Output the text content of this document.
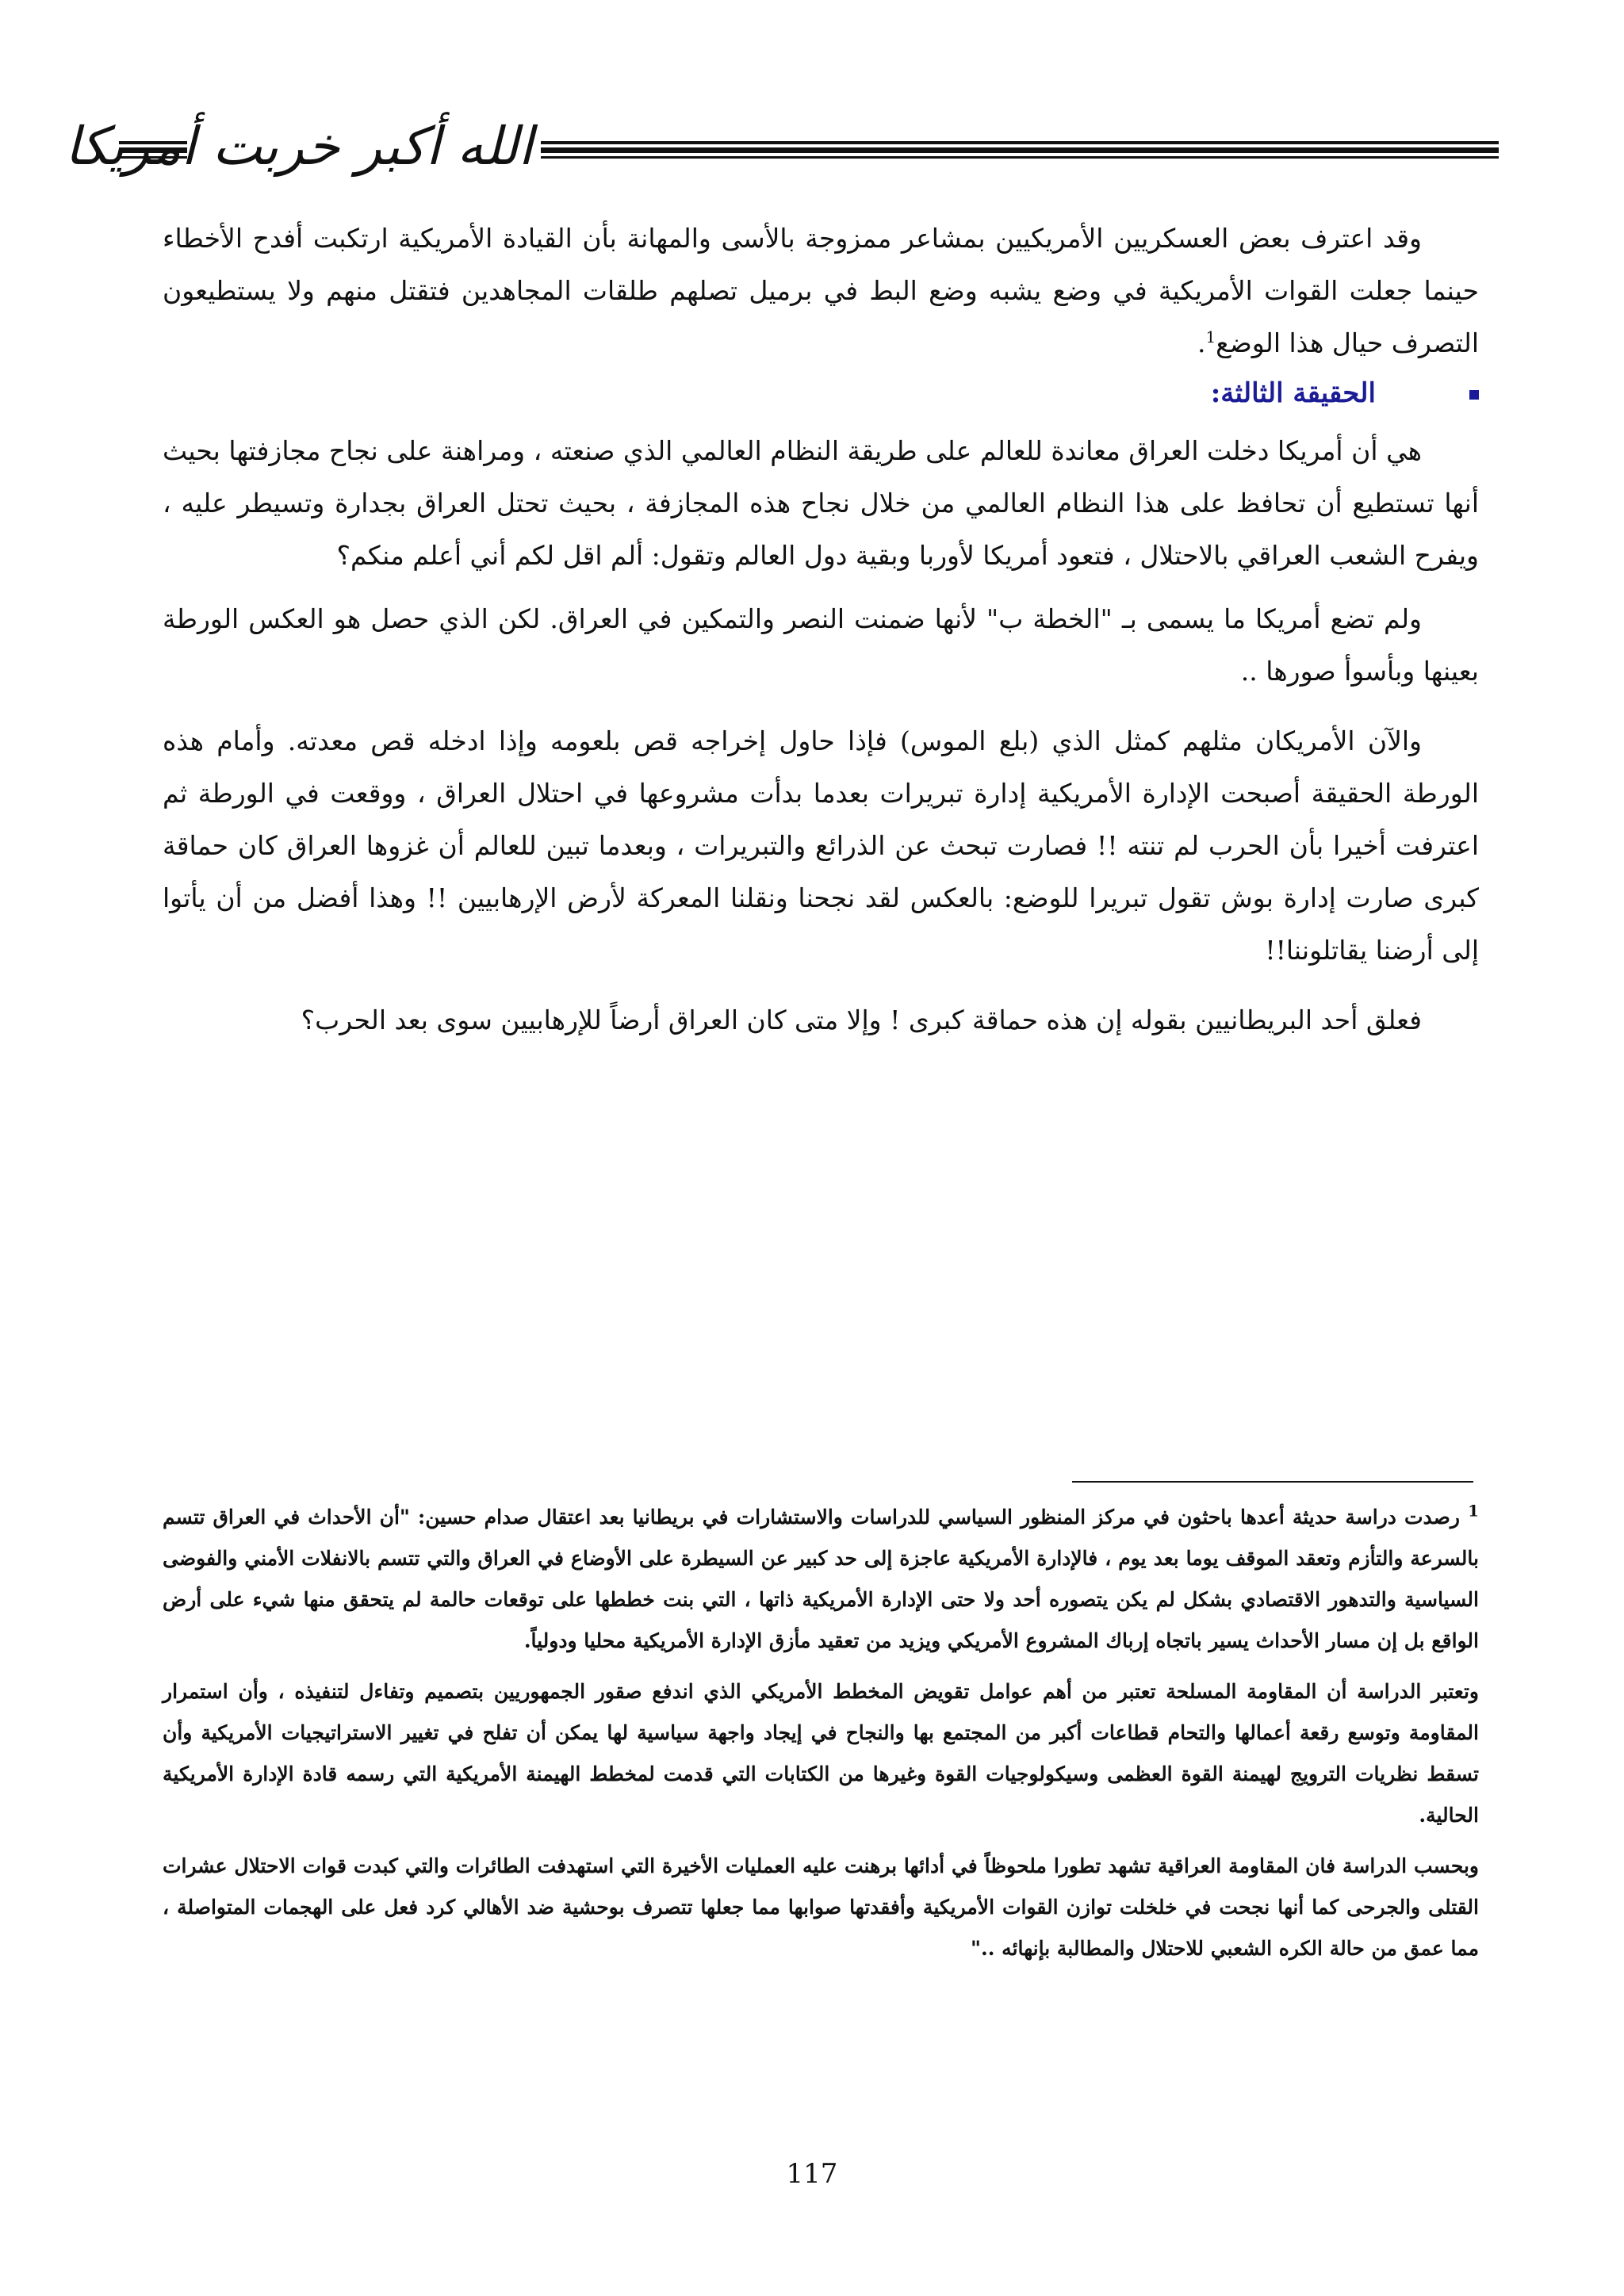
الله أكبر خربت أمريكا

وقد اعترف بعض العسكريين الأمريكيين بمشاعر ممزوجة بالأسى والمهانة بأن القيادة الأمريكية ارتكبت أفدح الأخطاء حينما جعلت القوات الأمريكية في وضع يشبه وضع البط في برميل تصلهم طلقات المجاهدين فتقتل منهم ولا يستطيعون التصرف حيال هذا الوضع$^1$.

الحقيقة الثالثة:

هي أن أمريكا دخلت العراق معاندة للعالم على طريقة النظام العالمي الذي صنعته ، ومراهنة على نجاح مجازفتها بحيث أنها تستطيع أن تحافظ على هذا النظام العالمي من خلال نجاح هذه المجازفة ، بحيث تحتل العراق بجدارة وتسيطر عليه ، ويفرح الشعب العراقي بالاحتلال ، فتعود أمريكا لأوربا وبقية دول العالم وتقول: ألم اقل لكم أني أعلم منكم؟

ولم تضع أمريكا ما يسمى بـ "الخطة ب" لأنها ضمنت النصر والتمكين في العراق. لكن الذي حصل هو العكس الورطة بعينها وبأسوأ صورها ..

والآن الأمريكان مثلهم كمثل الذي (بلع الموس) فإذا حاول إخراجه قص بلعومه وإذا ادخله قص معدته. وأمام هذه الورطة الحقيقة أصبحت الإدارة الأمريكية إدارة تبريرات بعدما بدأت مشروعها في احتلال العراق ، ووقعت في الورطة ثم اعترفت أخيرا بأن الحرب لم تنته !! فصارت تبحث عن الذرائع والتبريرات ، وبعدما تبين للعالم أن غزوها العراق كان حماقة كبرى صارت إدارة بوش تقول تبريرا للوضع: بالعكس لقد نجحنا ونقلنا المعركة لأرض الإرهابيين !! وهذا أفضل من أن يأتوا إلى أرضنا يقاتلوننا!!

فعلق أحد البريطانيين بقوله إن هذه حماقة كبرى ! وإلا متى كان العراق أرضاً للإرهابيين سوى بعد الحرب؟

$^1$ رصدت دراسة حديثة أعدها باحثون في مركز المنظور السياسي للدراسات والاستشارات في بريطانيا بعد اعتقال صدام حسين: "أن الأحداث في العراق تتسم بالسرعة والتأزم وتعقد الموقف يوما بعد يوم ، فالإدارة الأمريكية عاجزة إلى حد كبير عن السيطرة على الأوضاع في العراق والتي تتسم بالانفلات الأمني والفوضى السياسية والتدهور الاقتصادي بشكل لم يكن يتصوره أحد ولا حتى الإدارة الأمريكية ذاتها ، التي بنت خططها على توقعات حالمة لم يتحقق منها شيء على أرض الواقع بل إن مسار الأحداث يسير باتجاه إرباك المشروع الأمريكي ويزيد من تعقيد مأزق الإدارة الأمريكية محليا ودولياً.

وتعتبر الدراسة أن المقاومة المسلحة تعتبر من أهم عوامل تقويض المخطط الأمريكي الذي اندفع صقور الجمهوريين بتصميم وتفاءل لتنفيذه ، وأن استمرار المقاومة وتوسع رقعة أعمالها والتحام قطاعات أكبر من المجتمع بها والنجاح في إيجاد واجهة سياسية لها يمكن أن تفلح في تغيير الاستراتيجيات الأمريكية وأن تسقط نظريات الترويج لهيمنة القوة العظمى وسيكولوجيات القوة وغيرها من الكتابات التي قدمت لمخطط الهيمنة الأمريكية التي رسمه قادة الإدارة الأمريكية الحالية.

وبحسب الدراسة فان المقاومة العراقية تشهد تطورا ملحوظاً في أدائها برهنت عليه العمليات الأخيرة التي استهدفت الطائرات والتي كبدت قوات الاحتلال عشرات القتلى والجرحى كما أنها نجحت في خلخلت توازن القوات الأمريكية وأفقدتها صوابها مما جعلها تتصرف بوحشية ضد الأهالي كرد فعل على الهجمات المتواصلة ، مما عمق من حالة الكره الشعبي للاحتلال والمطالبة بإنهائه .."

117
